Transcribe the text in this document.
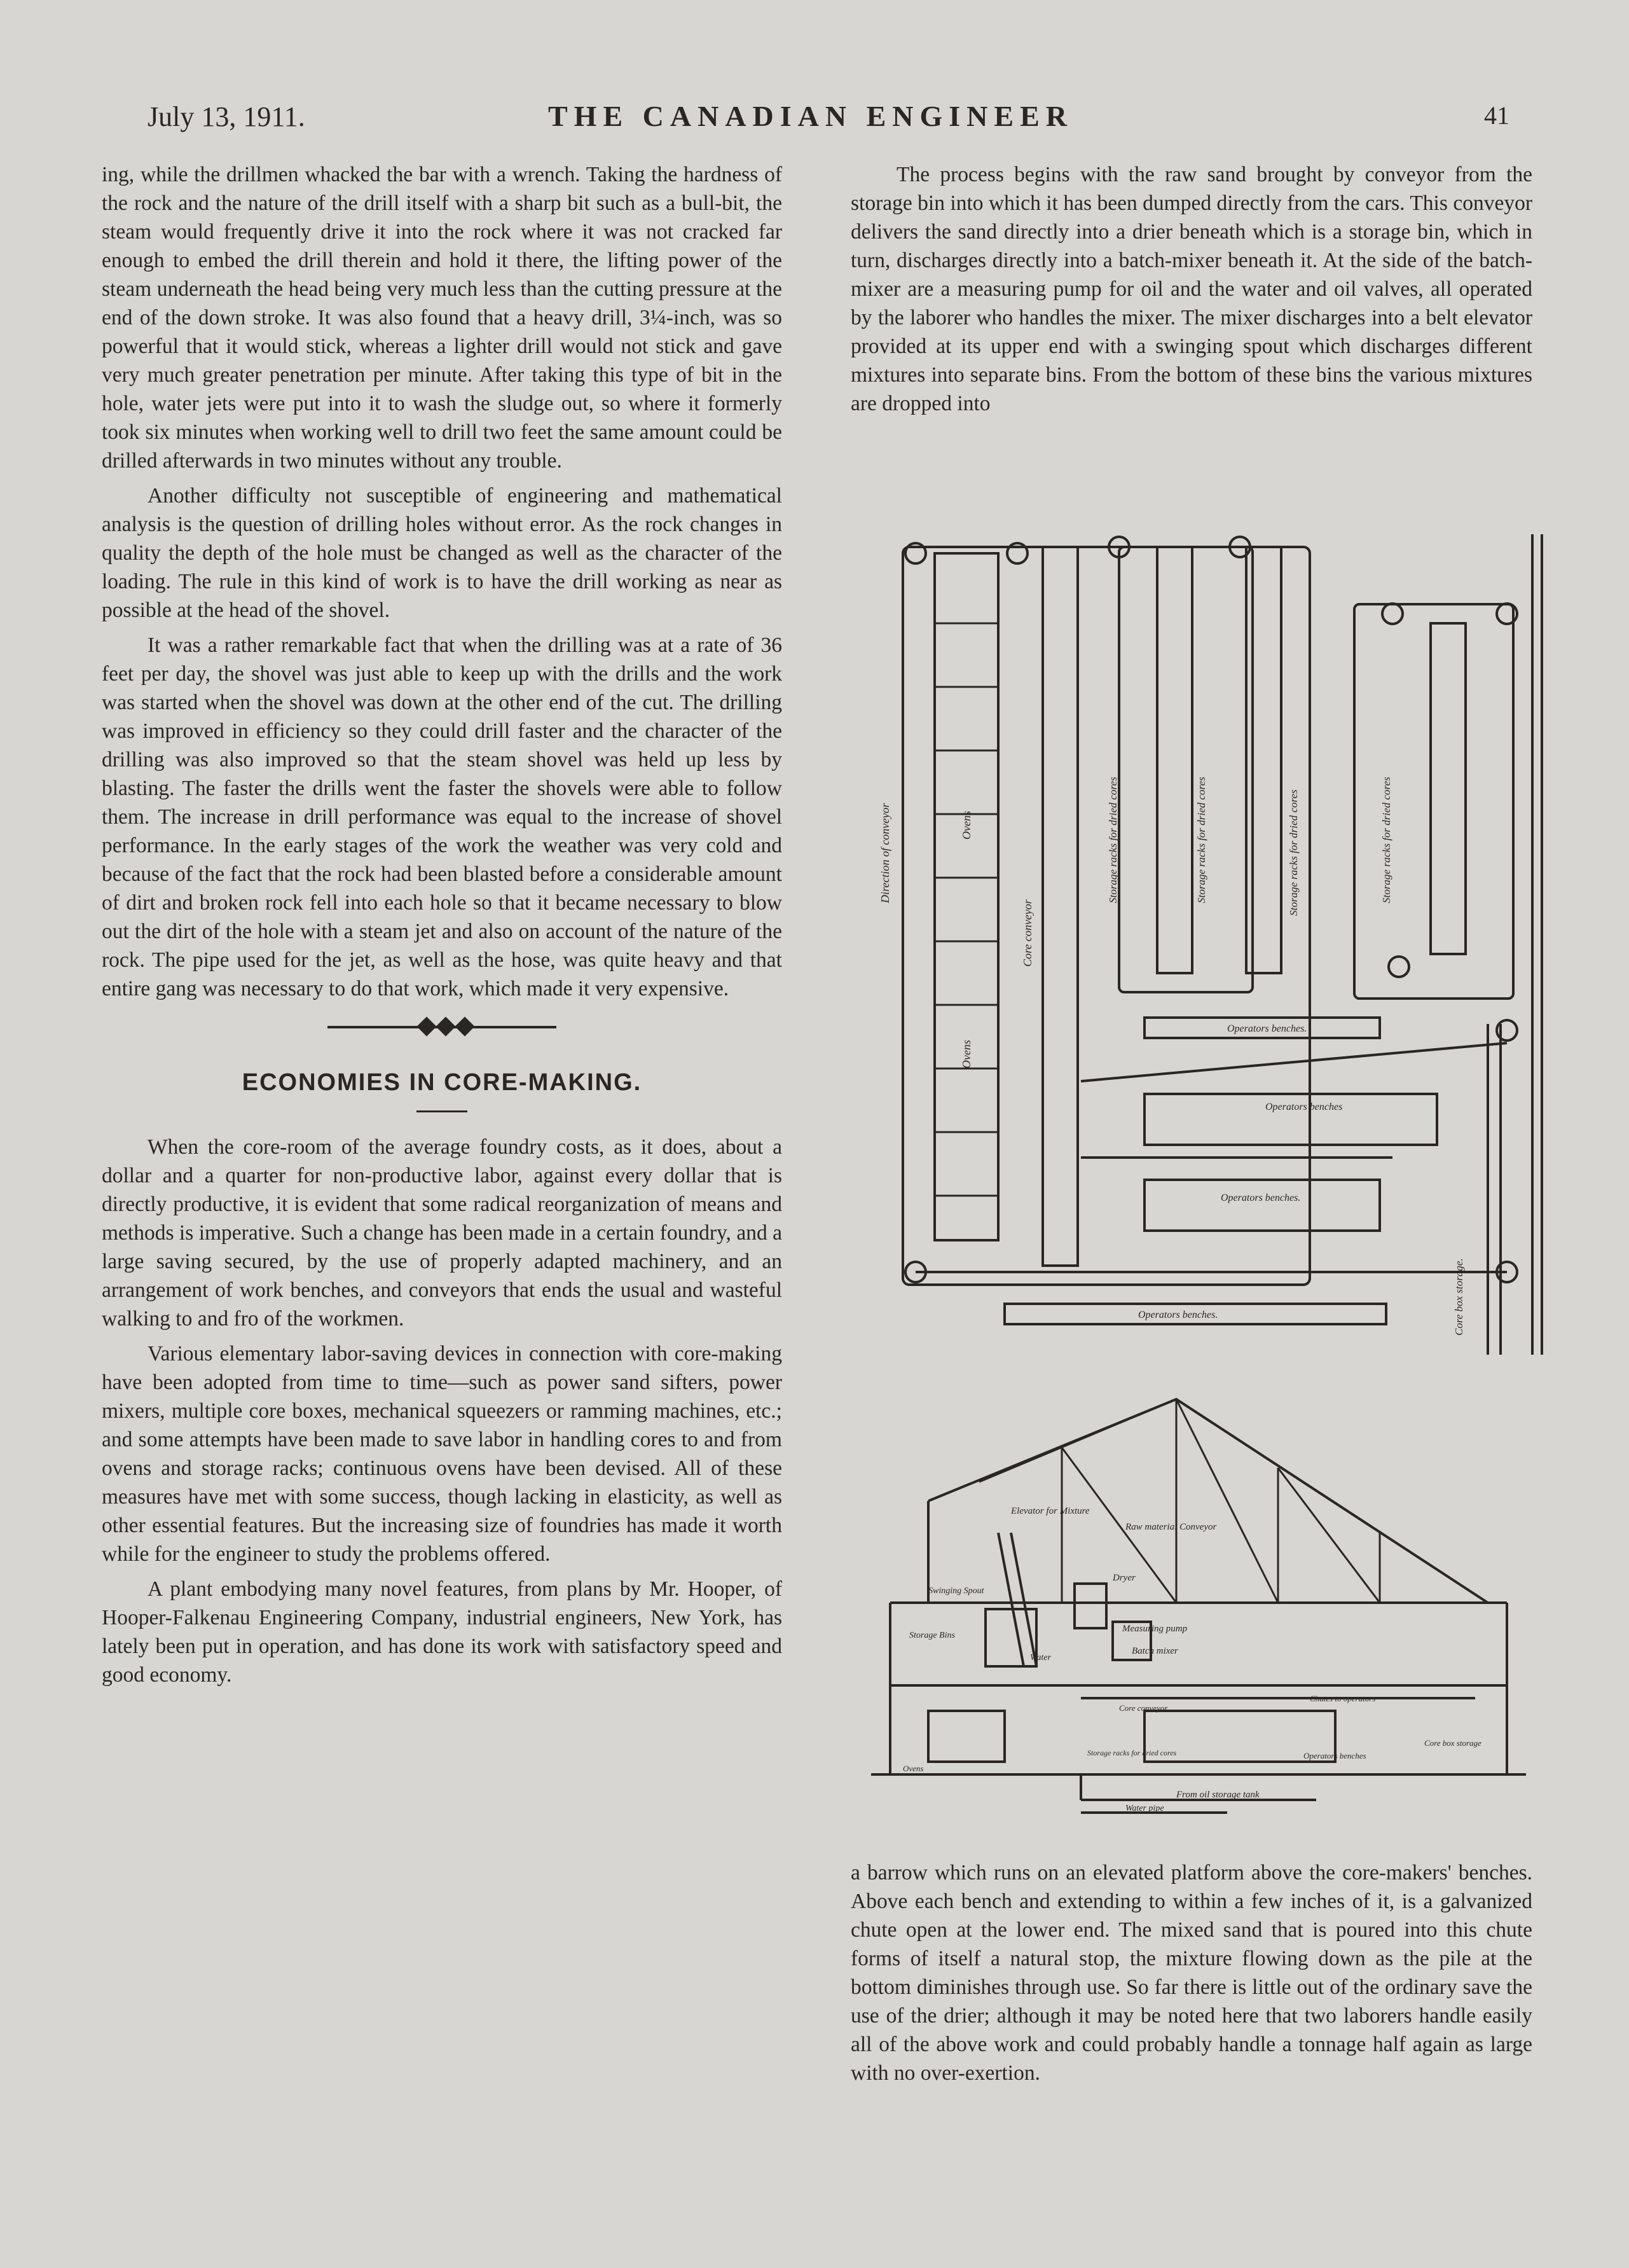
July 13, 1911.	THE CANADIAN ENGINEER	41

ing, while the drillmen whacked the bar with a wrench. Taking the hardness of the rock and the nature of the drill itself with a sharp bit such as a bull-bit, the steam would frequently drive it into the rock where it was not cracked far enough to embed the drill therein and hold it there, the lifting power of the steam underneath the head being very much less than the cutting pressure at the end of the down stroke. It was also found that a heavy drill, 3¼-inch, was so powerful that it would stick, whereas a lighter drill would not stick and gave very much greater penetration per minute. After taking this type of bit in the hole, water jets were put into it to wash the sludge out, so where it formerly took six minutes when working well to drill two feet the same amount could be drilled afterwards in two minutes without any trouble.

Another difficulty not susceptible of engineering and mathematical analysis is the question of drilling holes without error. As the rock changes in quality the depth of the hole must be changed as well as the character of the loading. The rule in this kind of work is to have the drill working as near as possible at the head of the shovel.

It was a rather remarkable fact that when the drilling was at a rate of 36 feet per day, the shovel was just able to keep up with the drills and the work was started when the shovel was down at the other end of the cut. The drilling was improved in efficiency so they could drill faster and the character of the drilling was also improved so that the steam shovel was held up less by blasting. The faster the drills went the faster the shovels were able to follow them. The increase in drill performance was equal to the increase of shovel performance. In the early stages of the work the weather was very cold and because of the fact that the rock had been blasted before a considerable amount of dirt and broken rock fell into each hole so that it became necessary to blow out the dirt of the hole with a steam jet and also on account of the nature of the rock. The pipe used for the jet, as well as the hose, was quite heavy and that entire gang was necessary to do that work, which made it very expensive.

ECONOMIES IN CORE-MAKING.

When the core-room of the average foundry costs, as it does, about a dollar and a quarter for non-productive labor, against every dollar that is directly productive, it is evident that some radical reorganization of means and methods is imperative. Such a change has been made in a certain foundry, and a large saving secured, by the use of properly adapted machinery, and an arrangement of work benches, and conveyors that ends the usual and wasteful walking to and fro of the workmen.

Various elementary labor-saving devices in connection with core-making have been adopted from time to time—such as power sand sifters, power mixers, multiple core boxes, mechanical squeezers or ramming machines, etc.; and some attempts have been made to save labor in handling cores to and from ovens and storage racks; continuous ovens have been devised. All of these measures have met with some success, though lacking in elasticity, as well as other essential features. But the increasing size of foundries has made it worth while for the engineer to study the problems offered.

A plant embodying many novel features, from plans by Mr. Hooper, of Hooper-Falkenau Engineering Company, industrial engineers, New York, has lately been put in operation, and has done its work with satisfactory speed and good economy.

The process begins with the raw sand brought by conveyor from the storage bin into which it has been dumped directly from the cars. This conveyor delivers the sand directly into a drier beneath which is a storage bin, which in turn, discharges directly into a batch-mixer beneath it. At the side of the batch-mixer are a measuring pump for oil and the water and oil valves, all operated by the laborer who handles the mixer. The mixer discharges into a belt elevator provided at its upper end with a swinging spout which discharges different mixtures into separate bins. From the bottom of these bins the various mixtures are dropped into

Direction of conveyor	Ovens
Ovens
Core conveyor
Storage racks for dried cores	Storage racks for dried cores	Storage racks for dried cores	Storage racks for dried cores
Operators benches.
Operators benches
Operators benches.
Operators benches.	Core box storage.
Elevator for Mixture
Raw material Conveyor
Dryer
Swinging Spout
Storage Bins
Measuring pump
Batch mixer
Water
Core conveyor
Chutes to operators
Storage racks for dried cores	Operators benches
Core box storage
From oil storage tank
Water pipe
Ovens

a barrow which runs on an elevated platform above the core-makers' benches. Above each bench and extending to within a few inches of it, is a galvanized chute open at the lower end. The mixed sand that is poured into this chute forms of itself a natural stop, the mixture flowing down as the pile at the bottom diminishes through use. So far there is little out of the ordinary save the use of the drier; although it may be noted here that two laborers handle easily all of the above work and could probably handle a tonnage half again as large with no over-exertion.
